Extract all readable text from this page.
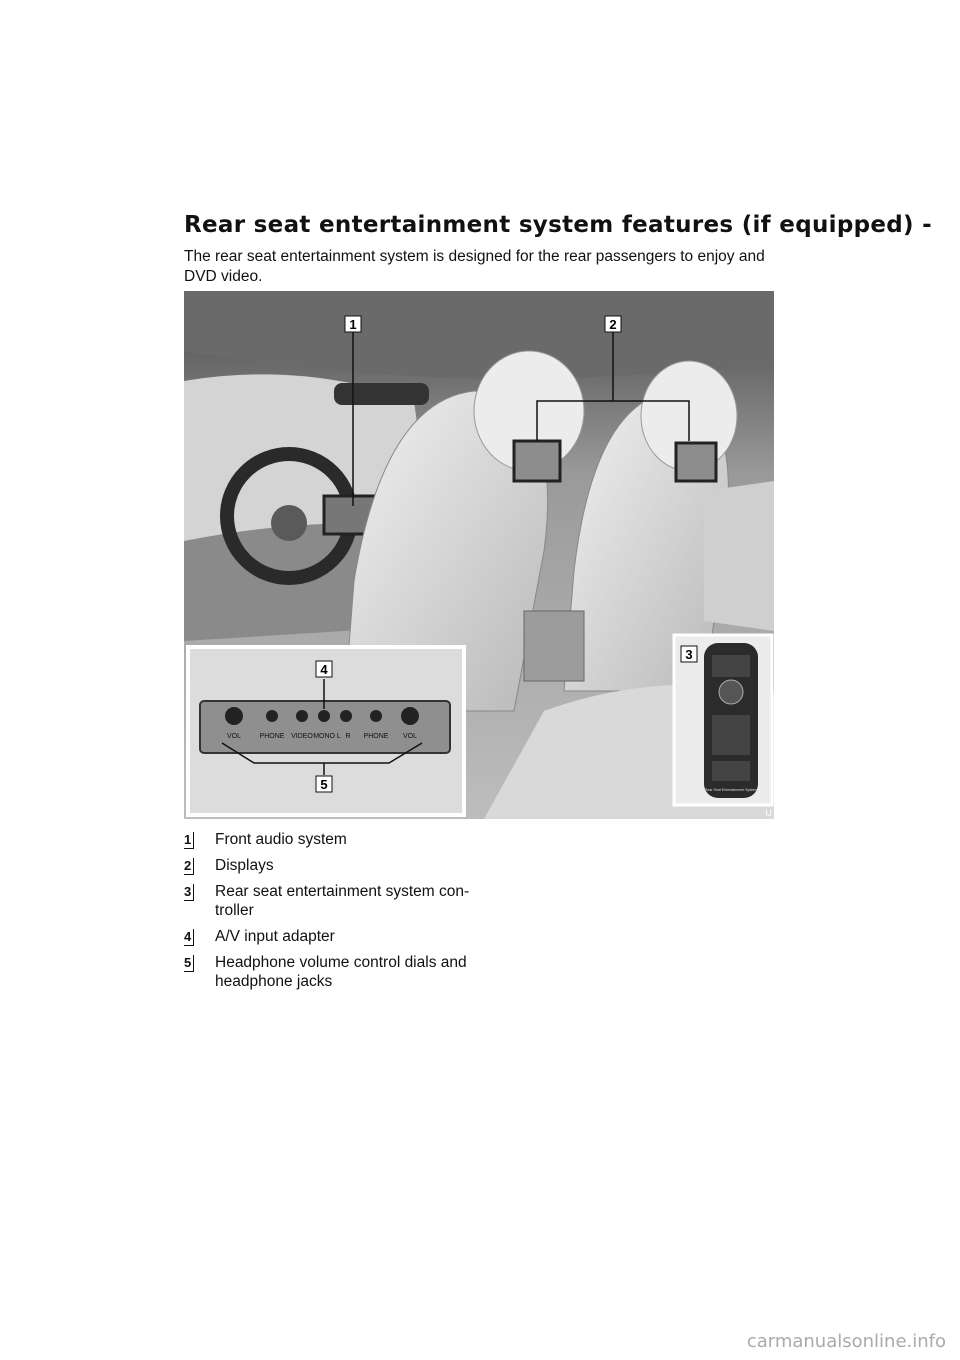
Rear seat entertainment system features (if equipped) -
The rear seat entertainment system is designed for the rear passengers to enjoy and DVD video.
1	2
VOL	PHONE VIDEO MONO L R PHONE VOL
4
5	Rear Seat Entertainment System
3
U
1 Front audio system
2 Displays
3 Rear seat entertainment system con-troller
4 A/V input adapter
5 Headphone volume control dials and headphone jacks
carmanualsonline.info
